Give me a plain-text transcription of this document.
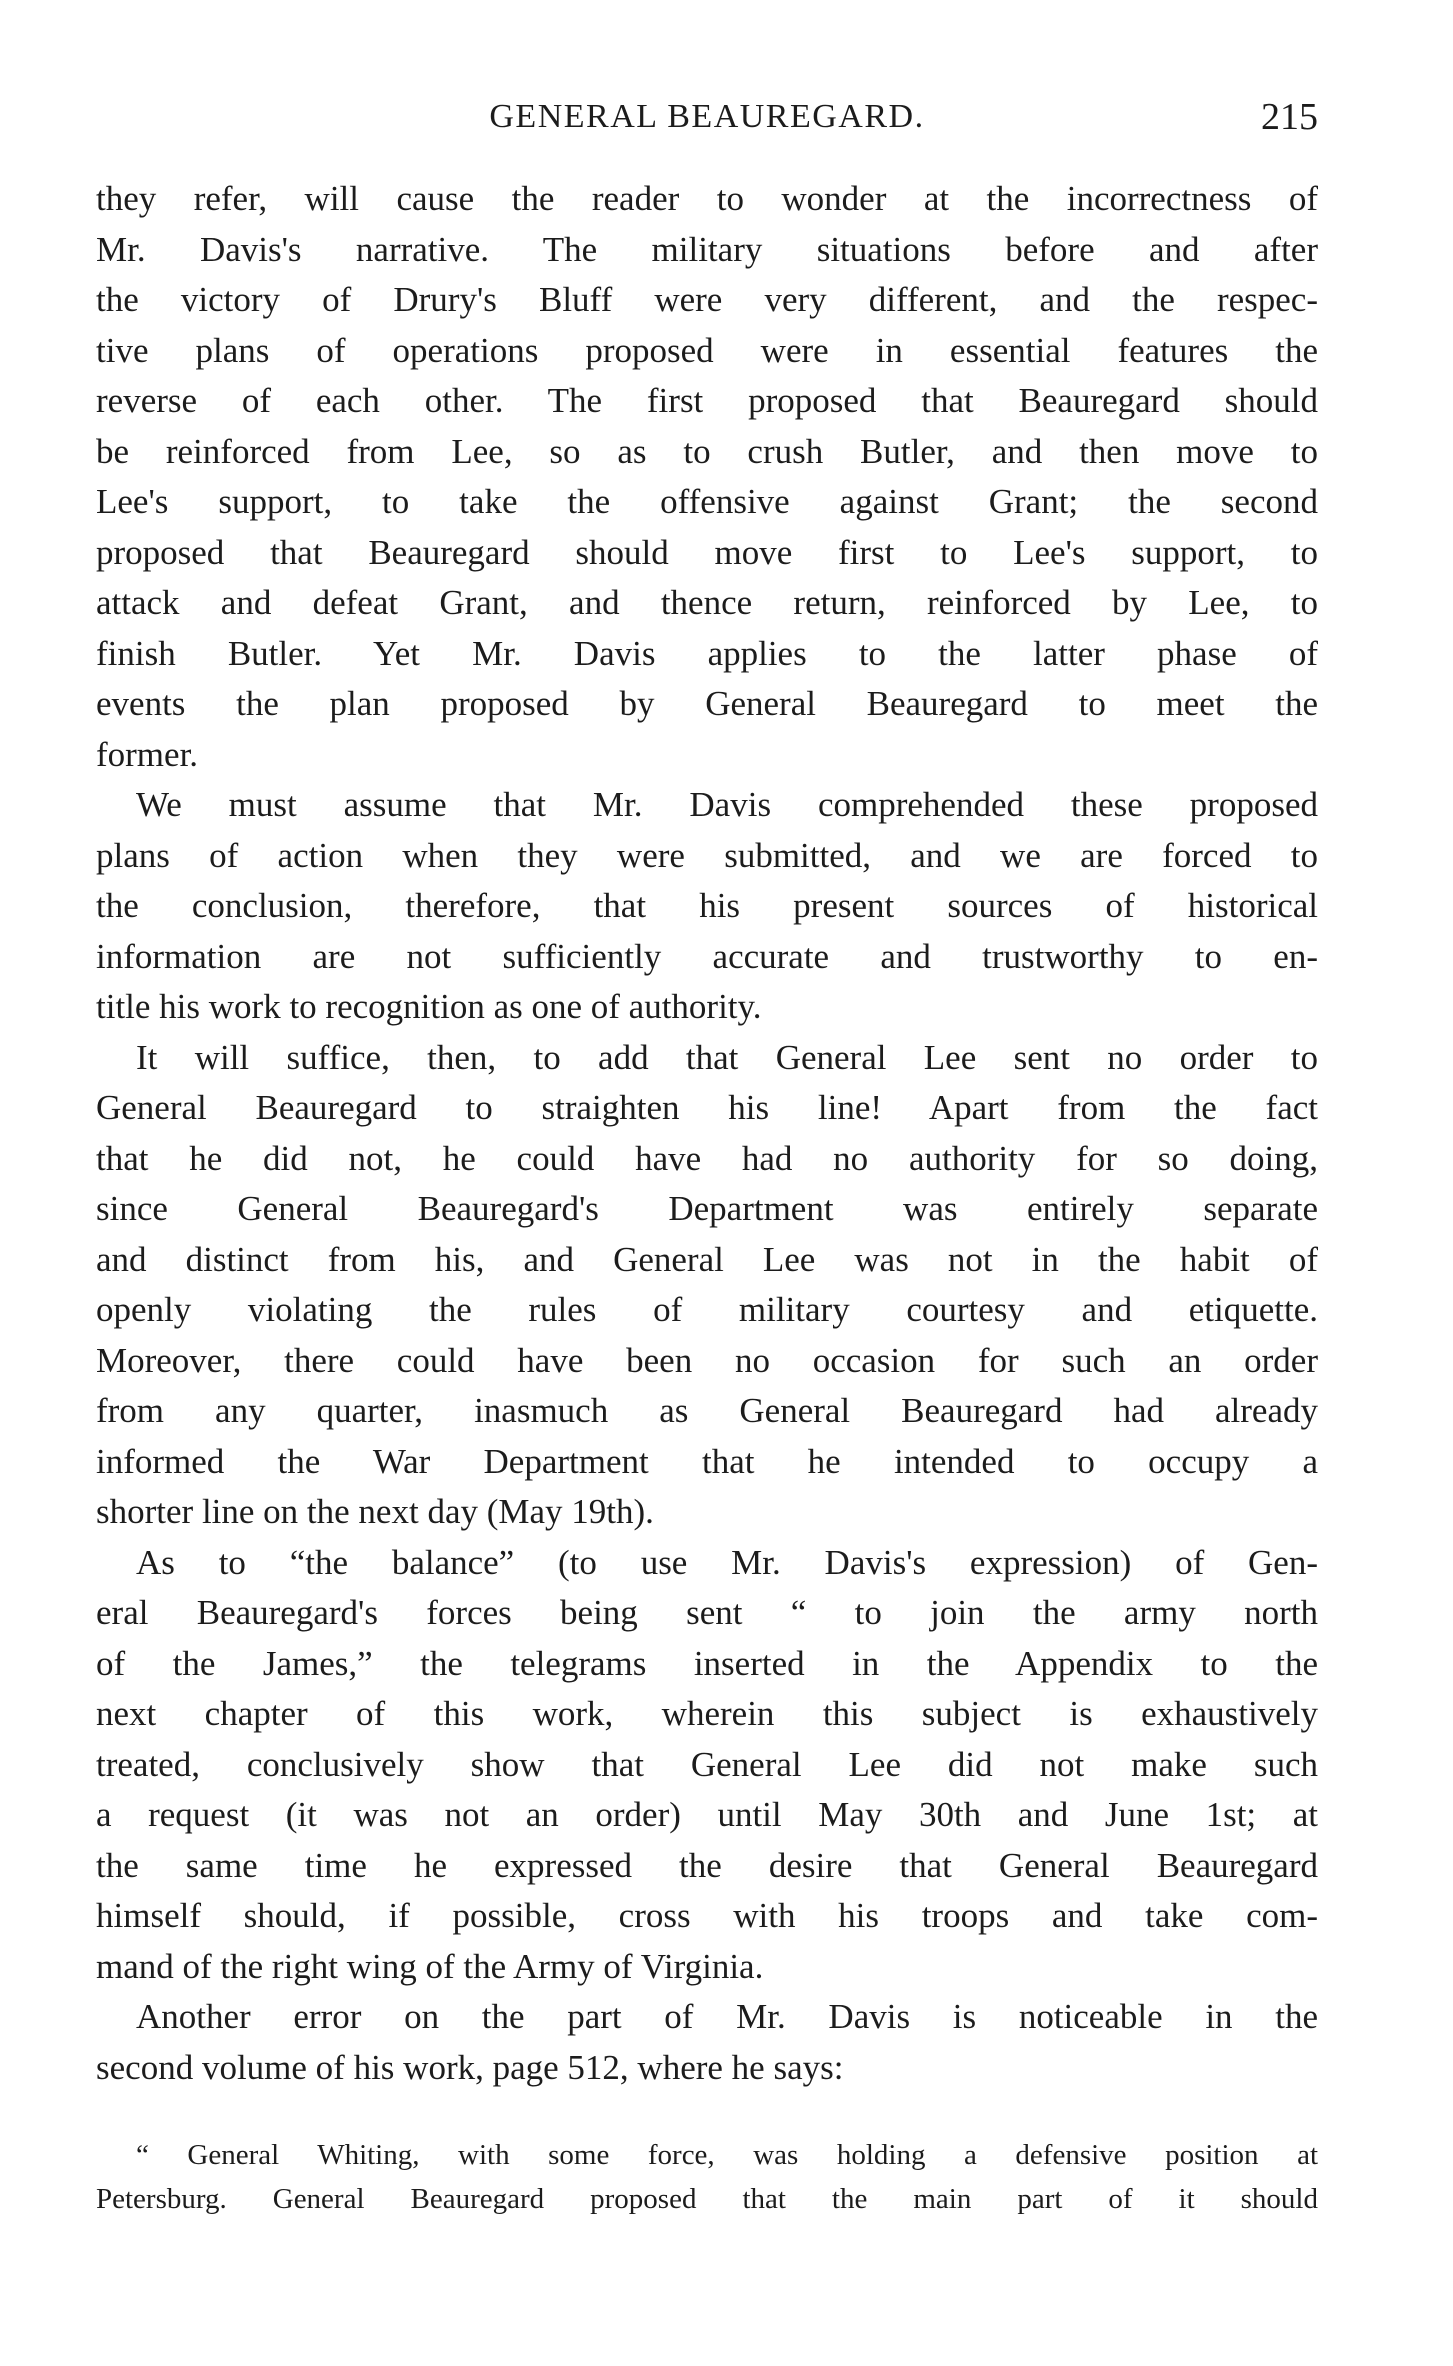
GENERAL BEAUREGARD.	215
they refer, will cause the reader to wonder at the incorrectness of
Mr. Davis's narrative. The military situations before and after
the victory of Drury's Bluff were very different, and the respec-
tive plans of operations proposed were in essential features the
reverse of each other. The first proposed that Beauregard should
be reinforced from Lee, so as to crush Butler, and then move to
Lee's support, to take the offensive against Grant; the second
proposed that Beauregard should move first to Lee's support, to
attack and defeat Grant, and thence return, reinforced by Lee, to
finish Butler. Yet Mr. Davis applies to the latter phase of
events the plan proposed by General Beauregard to meet the
former.
We must assume that Mr. Davis comprehended these proposed
plans of action when they were submitted, and we are forced to
the conclusion, therefore, that his present sources of historical
information are not sufficiently accurate and trustworthy to en-
title his work to recognition as one of authority.
It will suffice, then, to add that General Lee sent no order to
General Beauregard to straighten his line! Apart from the fact
that he did not, he could have had no authority for so doing,
since General Beauregard's Department was entirely separate
and distinct from his, and General Lee was not in the habit of
openly violating the rules of military courtesy and etiquette.
Moreover, there could have been no occasion for such an order
from any quarter, inasmuch as General Beauregard had already
informed the War Department that he intended to occupy a
shorter line on the next day (May 19th).
As to “the balance” (to use Mr. Davis's expression) of Gen-
eral Beauregard's forces being sent “ to join the army north
of the James,” the telegrams inserted in the Appendix to the
next chapter of this work, wherein this subject is exhaustively
treated, conclusively show that General Lee did not make such
a request (it was not an order) until May 30th and June 1st; at
the same time he expressed the desire that General Beauregard
himself should, if possible, cross with his troops and take com-
mand of the right wing of the Army of Virginia.
Another error on the part of Mr. Davis is noticeable in the
second volume of his work, page 512, where he says:
“ General Whiting, with some force, was holding a defensive position at
Petersburg. General Beauregard proposed that the main part of it should
